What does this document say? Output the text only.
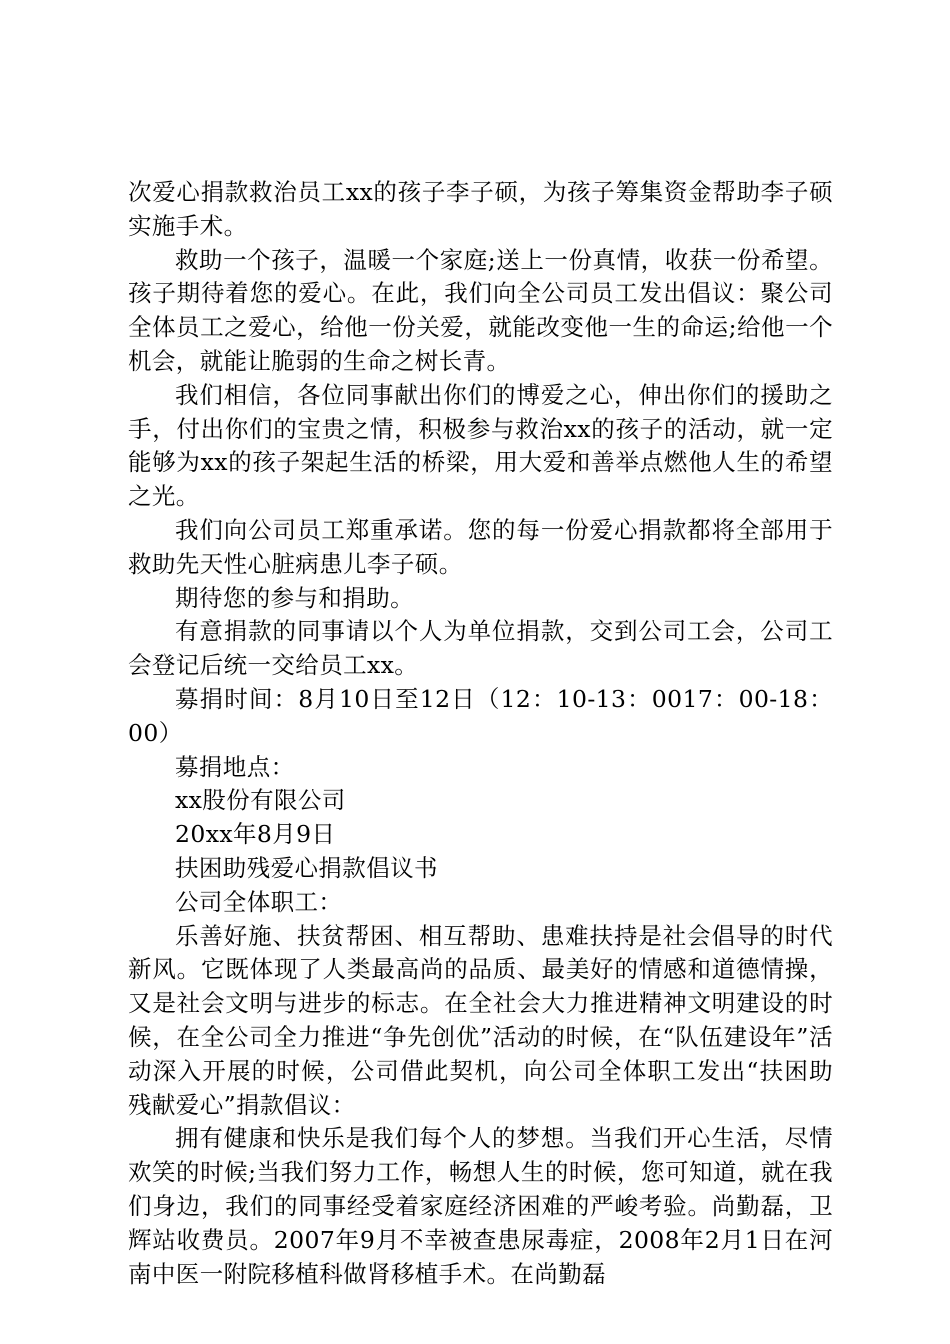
次爱心捐款救治员工xx的孩子李子硕，为孩子筹集资金帮助李子硕实施手术。

救助一个孩子，温暖一个家庭;送上一份真情，收获一份希望。孩子期待着您的爱心。在此，我们向全公司员工发出倡议：聚公司全体员工之爱心，给他一份关爱，就能改变他一生的命运;给他一个机会，就能让脆弱的生命之树长青。

我们相信，各位同事献出你们的博爱之心，伸出你们的援助之手，付出你们的宝贵之情，积极参与救治xx的孩子的活动，就一定能够为xx的孩子架起生活的桥梁，用大爱和善举点燃他人生的希望之光。

我们向公司员工郑重承诺。您的每一份爱心捐款都将全部用于救助先天性心脏病患儿李子硕。

期待您的参与和捐助。

有意捐款的同事请以个人为单位捐款，交到公司工会，公司工会登记后统一交给员工xx。

募捐时间：8月10日至12日（12：10-13：0017：00-18：00）

募捐地点：

xx股份有限公司

20xx年8月9日

扶困助残爱心捐款倡议书

公司全体职工：

乐善好施、扶贫帮困、相互帮助、患难扶持是社会倡导的时代新风。它既体现了人类最高尚的品质、最美好的情感和道德情操，又是社会文明与进步的标志。在全社会大力推进精神文明建设的时候，在全公司全力推进“争先创优”活动的时候，在“队伍建设年”活动深入开展的时候，公司借此契机，向公司全体职工发出“扶困助残献爱心”捐款倡议：

拥有健康和快乐是我们每个人的梦想。当我们开心生活，尽情欢笑的时候;当我们努力工作，畅想人生的时候，您可知道，就在我们身边，我们的同事经受着家庭经济困难的严峻考验。尚勤磊，卫辉站收费员。2007年9月不幸被查患尿毒症，2008年2月1日在河南中医一附院移植科做肾移植手术。在尚勤磊
